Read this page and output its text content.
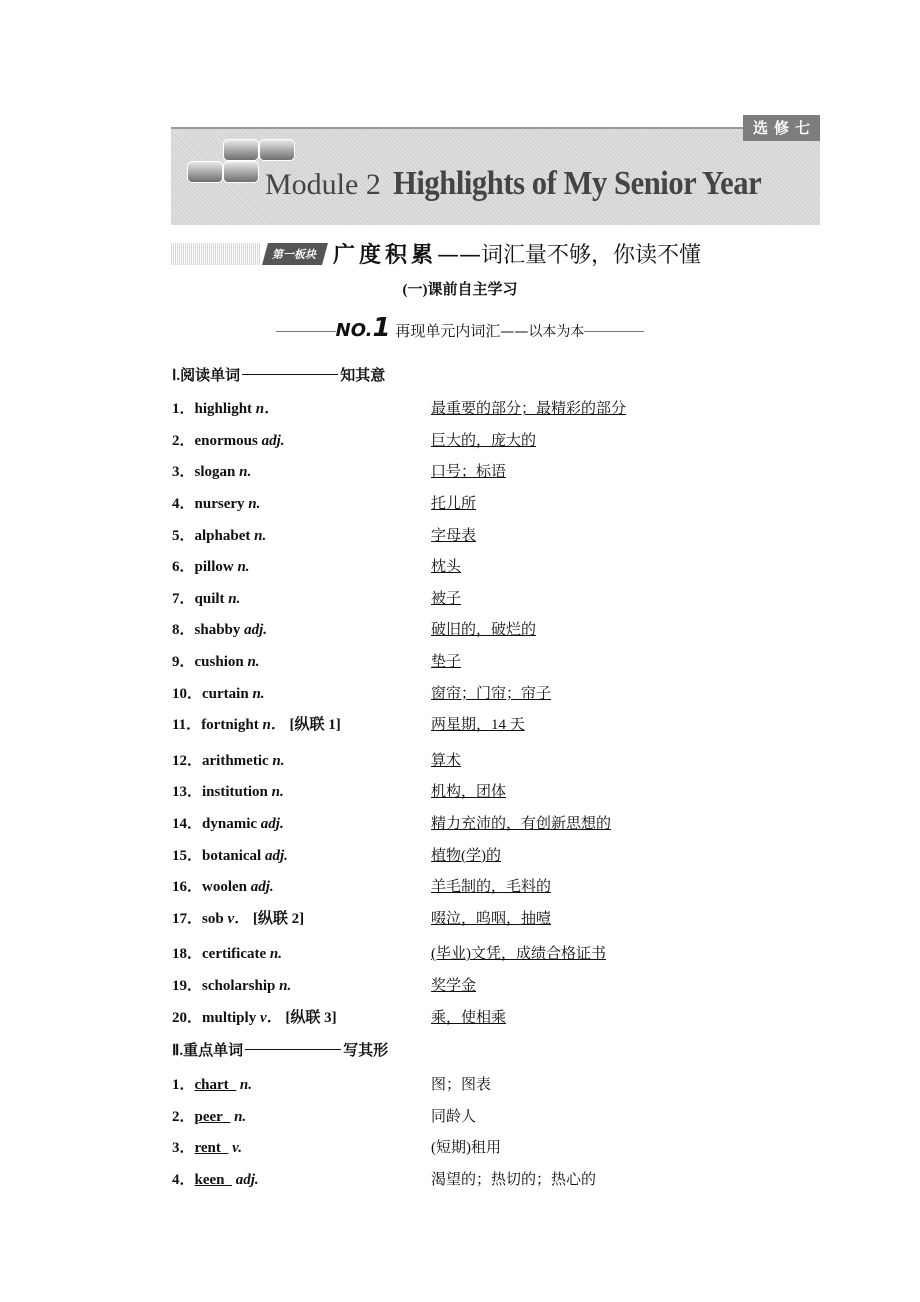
选修七
Module 2 Highlights of My Senior Year
第一板块 广度积累——词汇量不够，你读不懂
(一)课前自主学习
NO.1 再现单元内词汇——以本为本
Ⅰ.阅读单词	知其意
1．highlight n．	最重要的部分；最精彩的部分
2．enormous adj.	巨大的，庞大的
3．slogan n.	口号；标语
4．nursery n.	托儿所
5．alphabet n.	字母表
6．pillow n.	枕头
7．quilt n.	被子
8．shabby adj.	破旧的，破烂的
9．cushion n.	垫子
10．curtain n.	窗帘；门帘；帘子
11．fortnight n． [纵联 1]	两星期，14 天
12．arithmetic n.	算术
13．institution n.	机构，团体
14．dynamic adj.	精力充沛的，有创新思想的
15．botanical adj.	植物(学)的
16．woolen adj.	羊毛制的，毛料的
17．sob v． [纵联 2]	啜泣，呜咽，抽噎
18．certificate n.	(毕业)文凭，成绩合格证书
19．scholarship n.	奖学金
20．multiply v． [纵联 3]	乘，使相乘
Ⅱ.重点单词	写其形
1．chart n.	图；图表
2．peer n.	同龄人
3．rent v.	(短期)租用
4．keen adj.	渴望的；热切的；热心的
